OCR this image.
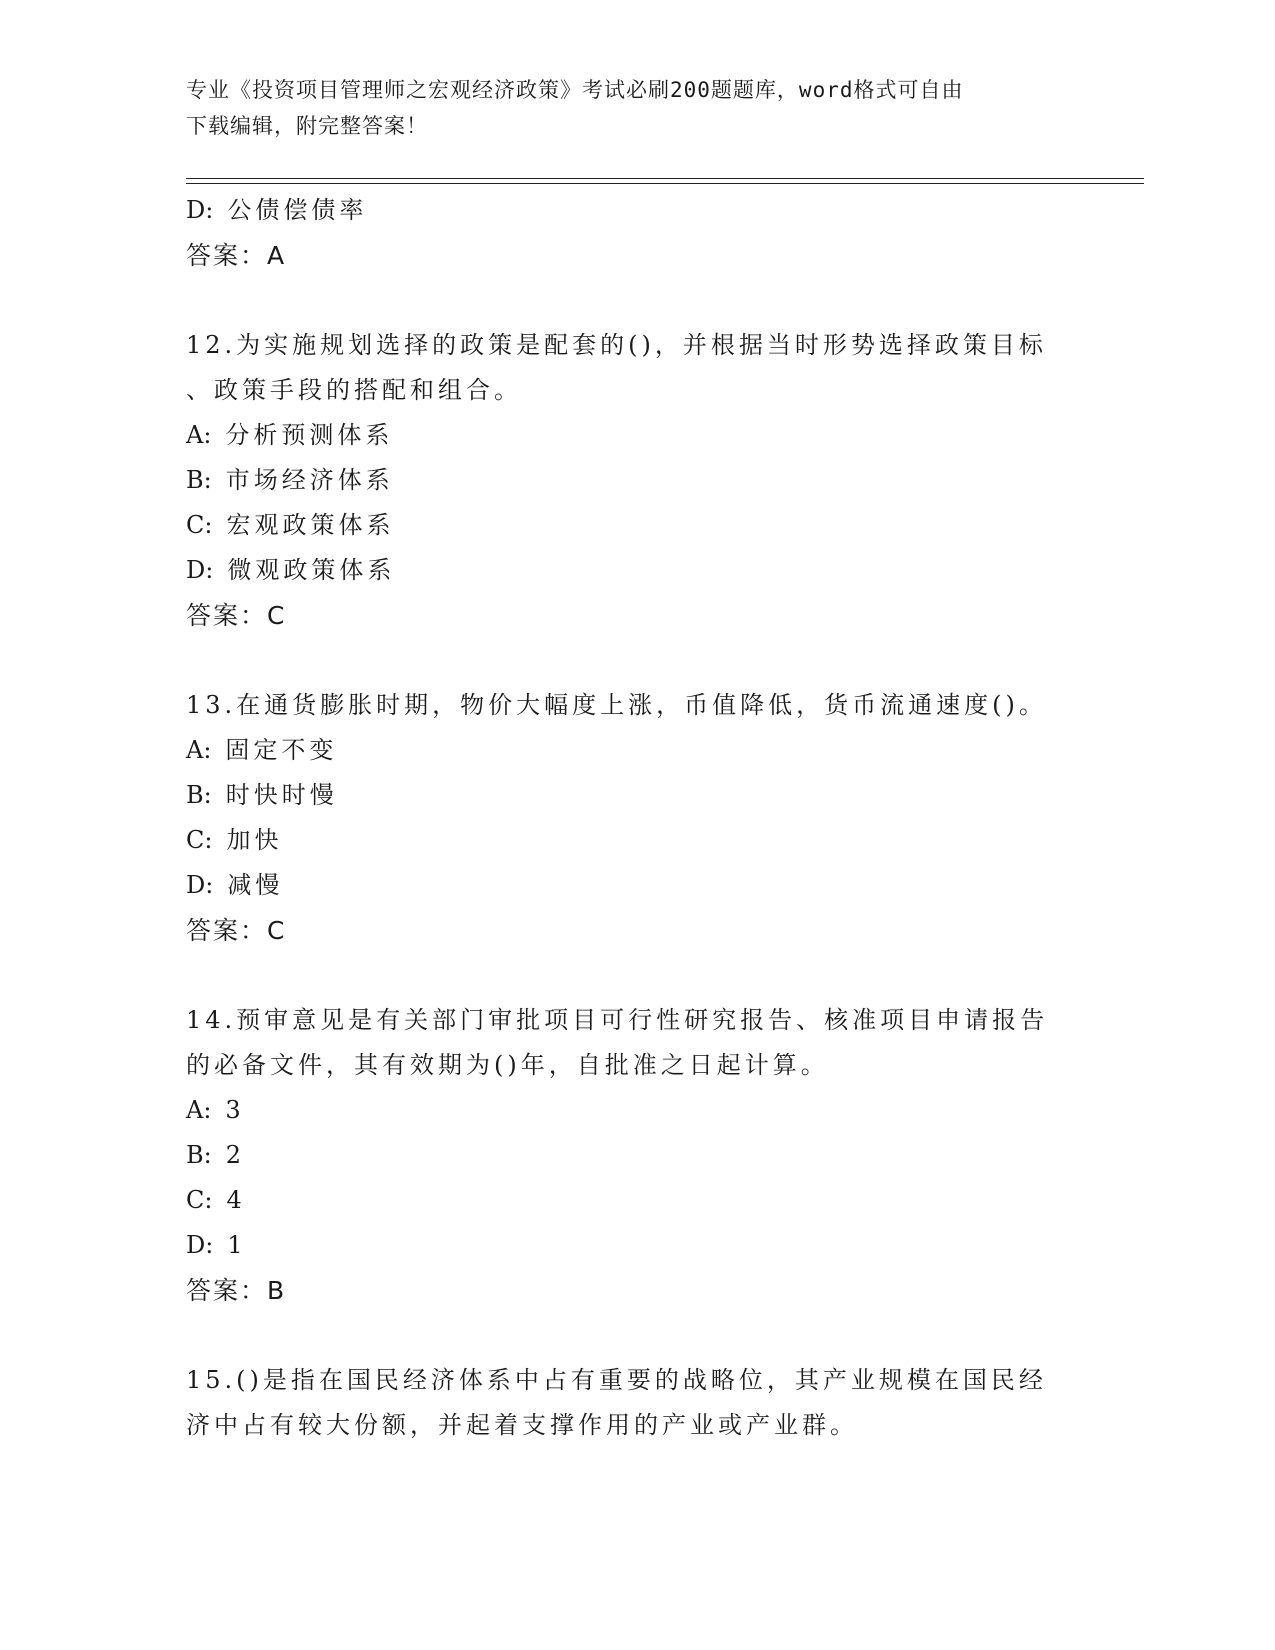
专业《投资项目管理师之宏观经济政策》考试必刷200题题库，word格式可自由
下载编辑，附完整答案！
D: 公债偿债率
答案：A
12.为实施规划选择的政策是配套的()，并根据当时形势选择政策目标
、政策手段的搭配和组合。
A: 分析预测体系
B: 市场经济体系
C: 宏观政策体系
D: 微观政策体系
答案：C
13.在通货膨胀时期，物价大幅度上涨，币值降低，货币流通速度()。
A: 固定不变
B: 时快时慢
C: 加快
D: 减慢
答案：C
14.预审意见是有关部门审批项目可行性研究报告、核准项目申请报告
的必备文件，其有效期为()年，自批准之日起计算。
A: 3
B: 2
C: 4
D: 1
答案：B
15.()是指在国民经济体系中占有重要的战略位，其产业规模在国民经
济中占有较大份额，并起着支撑作用的产业或产业群。
